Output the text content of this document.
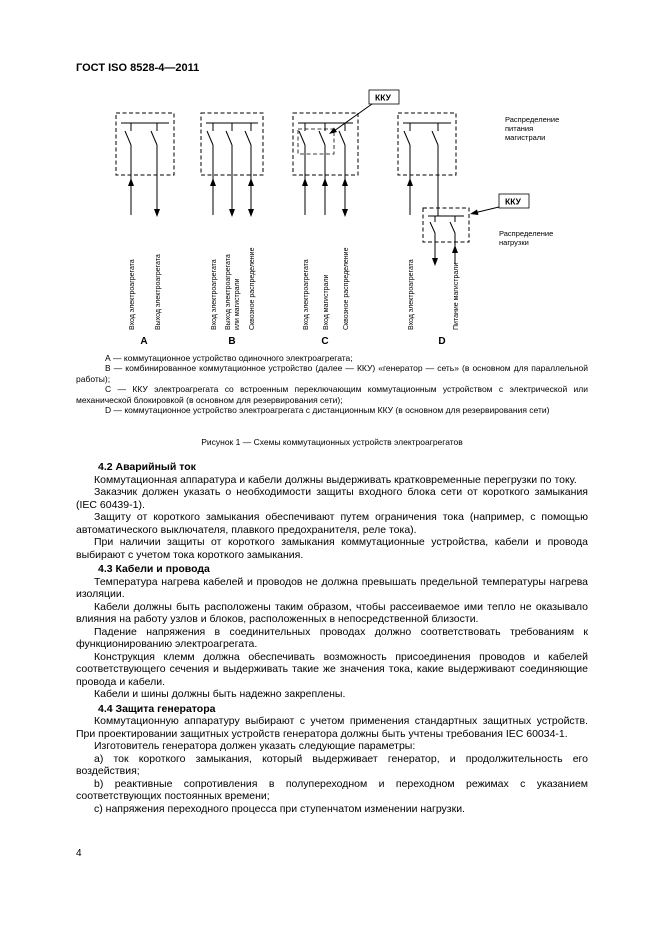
ГОСТ ISO 8528-4—2011
Вход электроагрегата	Выход электроагрегата
А
Вход электроагрегата Выход электроагрегата или магистрали Сквозное распределение
В
Вход электроагрегата Вход магистрали Сквозное распределение
С
ККУ
Вход электроагрегата	Питание магистрали
D
ККУ
Распределение
питания
магистрали
Распределение
нагрузки

А — коммутационное устройство одиночного электроагрегата;

В — комбинированное коммутационное устройство (далее — ККУ) «генератор — сеть» (в основном для параллельной работы);

С — ККУ электроагрегата со встроенным переключающим коммутационным устройством с электрической или механической блокировкой (в основном для резервирования сети);

D — коммутационное устройство электроагрегата с дистанционным ККУ (в основном для резервирования сети)

Рисунок 1 — Схемы коммутационных устройств электроагрегатов
4.2 Аварийный ток

Коммутационная аппаратура и кабели должны выдерживать кратковременные перегрузки по току.

Заказчик должен указать о необходимости защиты входного блока сети от короткого замыкания (IEC 60439-1).

Защиту от короткого замыкания обеспечивают путем ограничения тока (например, с помощью автоматического выключателя, плавкого предохранителя, реле тока).

При наличии защиты от короткого замыкания коммутационные устройства, кабели и провода выбирают с учетом тока короткого замыкания.

4.3 Кабели и провода

Температура нагрева кабелей и проводов не должна превышать предельной температуры нагрева изоляции.

Кабели должны быть расположены таким образом, чтобы рассеиваемое ими тепло не оказывало влияния на работу узлов и блоков, расположенных в непосредственной близости.

Падение напряжения в соединительных проводах должно соответствовать требованиям к функционированию электроагрегата.

Конструкция клемм должна обеспечивать возможность присоединения проводов и кабелей соответствующего сечения и выдерживать такие же значения тока, какие выдерживают соединяющие провода и кабели.

Кабели и шины должны быть надежно закреплены.

4.4 Защита генератора

Коммутационную аппаратуру выбирают с учетом применения стандартных защитных устройств. При проектировании защитных устройств генератора должны быть учтены требования IEC 60034-1.

Изготовитель генератора должен указать следующие параметры:

a) ток короткого замыкания, который выдерживает генератор, и продолжительность его воздействия;

b) реактивные сопротивления в полупереходном и переходном режимах с указанием соответствующих постоянных времени;

c) напряжения переходного процесса при ступенчатом изменении нагрузки.

4
